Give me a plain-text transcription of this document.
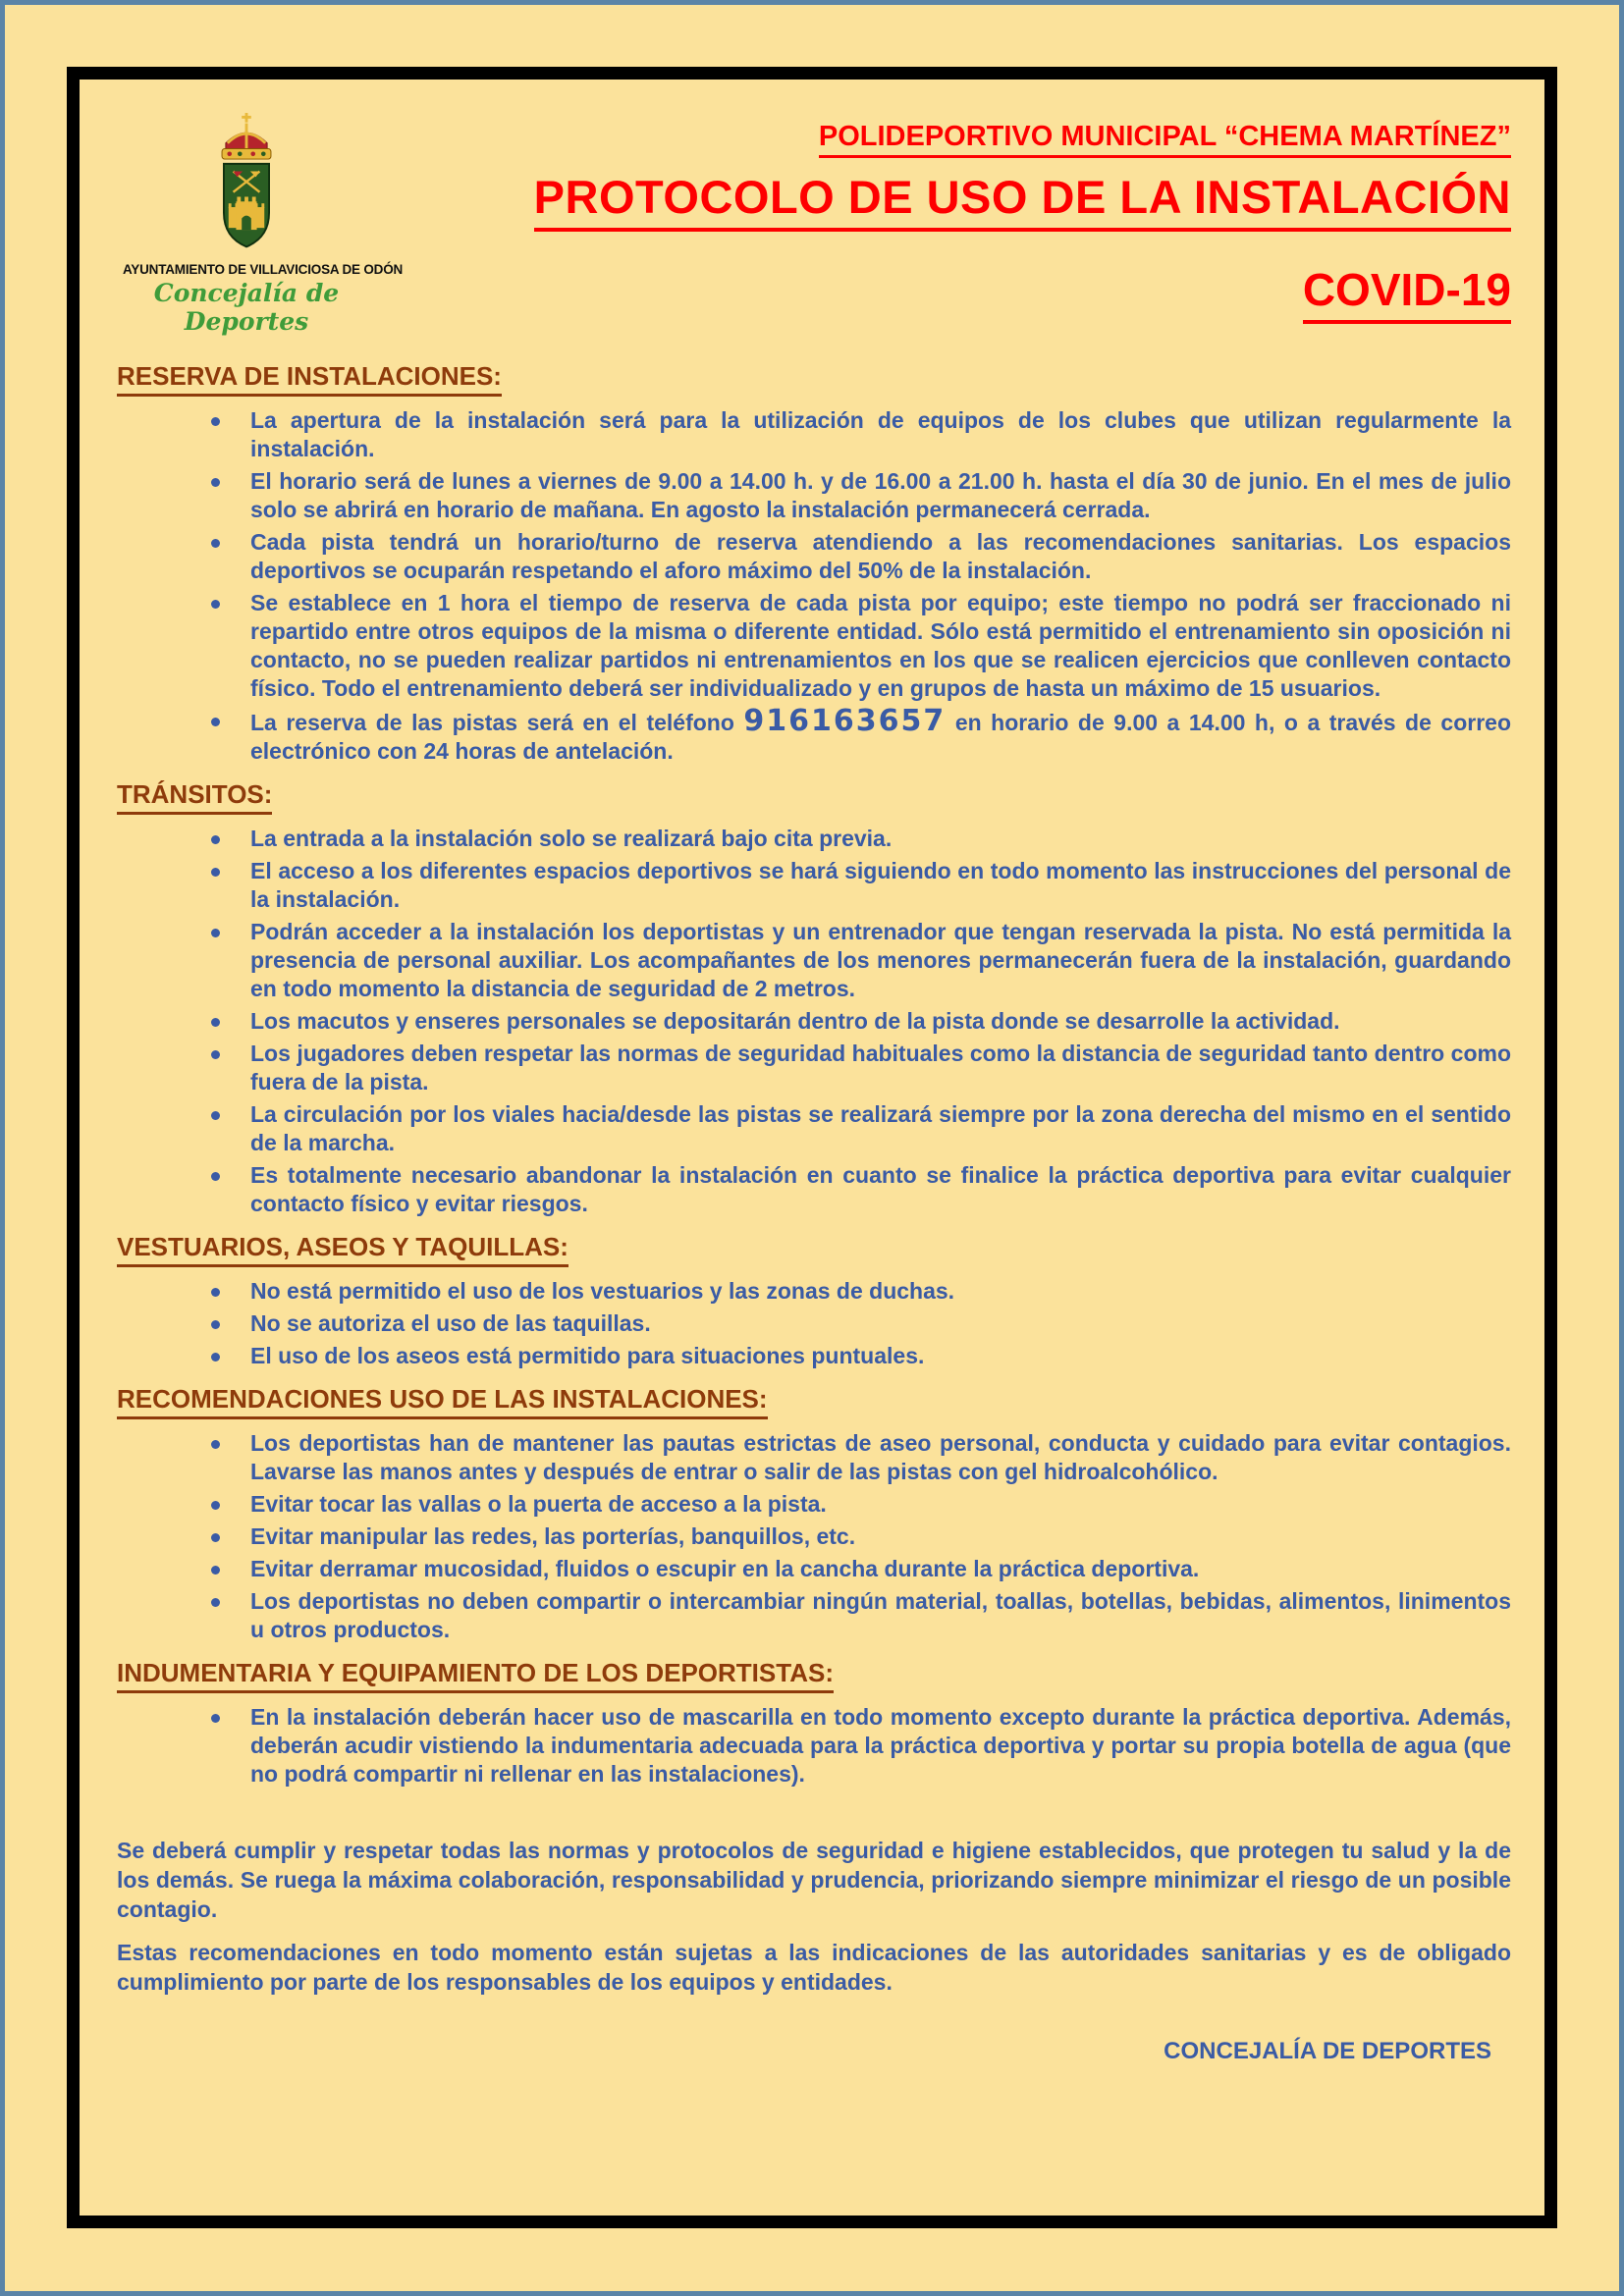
AYUNTAMIENTO DE VILLAVICIOSA DE ODÓN
Concejalía de Deportes
POLIDEPORTIVO MUNICIPAL “CHEMA MARTÍNEZ”
PROTOCOLO DE USO DE LA INSTALACIÓN
COVID-19
RESERVA DE INSTALACIONES:
La apertura de la instalación será para la utilización de equipos de los clubes que utilizan regularmente la instalación.
El horario será de lunes a viernes de 9.00 a 14.00 h. y de 16.00 a 21.00 h. hasta el día 30 de junio. En el mes de julio solo se abrirá en horario de mañana. En agosto la instalación permanecerá cerrada.
Cada pista tendrá un horario/turno de reserva atendiendo a las recomendaciones sanitarias. Los espacios deportivos se ocuparán respetando el aforo máximo del 50% de la instalación.
Se establece en 1 hora el tiempo de reserva de cada pista por equipo; este tiempo no podrá ser fraccionado ni repartido entre otros equipos de la misma o diferente entidad. Sólo está permitido el entrenamiento sin oposición ni contacto, no se pueden realizar partidos ni entrenamientos en los que se realicen ejercicios que conlleven contacto físico. Todo el entrenamiento deberá ser individualizado y en grupos de hasta un máximo de 15 usuarios.
La reserva de las pistas será en el teléfono 916163657 en horario de 9.00 a 14.00 h, o a través de correo electrónico con 24 horas de antelación.
TRÁNSITOS:
La entrada a la instalación solo se realizará bajo cita previa.
El acceso a los diferentes espacios deportivos se hará siguiendo en todo momento las instrucciones del personal de la instalación.
Podrán acceder a la instalación los deportistas y un entrenador que tengan reservada la pista. No está permitida la presencia de personal auxiliar. Los acompañantes de los menores permanecerán fuera de la instalación, guardando en todo momento la distancia de seguridad de 2 metros.
Los macutos y enseres personales se depositarán dentro de la pista donde se desarrolle la actividad.
Los jugadores deben respetar las normas de seguridad habituales como la distancia de seguridad tanto dentro como fuera de la pista.
La circulación por los viales hacia/desde las pistas se realizará siempre por la zona derecha del mismo en el sentido de la marcha.
Es totalmente necesario abandonar la instalación en cuanto se finalice la práctica deportiva para evitar cualquier contacto físico y evitar riesgos.
VESTUARIOS, ASEOS Y TAQUILLAS:
No está permitido el uso de los vestuarios y las zonas de duchas.
No se autoriza el uso de las taquillas.
El uso de los aseos está permitido para situaciones puntuales.
RECOMENDACIONES USO DE LAS INSTALACIONES:
Los deportistas han de mantener las pautas estrictas de aseo personal, conducta y cuidado para evitar contagios. Lavarse las manos antes y después de entrar o salir de las pistas con gel hidroalcohólico.
Evitar tocar las vallas o la puerta de acceso a la pista.
Evitar manipular las redes, las porterías, banquillos, etc.
Evitar derramar mucosidad, fluidos o escupir en la cancha durante la práctica deportiva.
Los deportistas no deben compartir o intercambiar ningún material, toallas, botellas, bebidas, alimentos, linimentos u otros productos.
INDUMENTARIA Y EQUIPAMIENTO DE LOS DEPORTISTAS:
En la instalación deberán hacer uso de mascarilla en todo momento excepto durante la práctica deportiva. Además, deberán acudir vistiendo la indumentaria adecuada para la práctica deportiva y portar su propia botella de agua (que no podrá compartir ni rellenar en las instalaciones).

Se deberá cumplir y respetar todas las normas y protocolos de seguridad e higiene establecidos, que protegen tu salud y la de los demás. Se ruega la máxima colaboración, responsabilidad y prudencia, priorizando siempre minimizar el riesgo de un posible contagio.

Estas recomendaciones en todo momento están sujetas a las indicaciones de las autoridades sanitarias y es de obligado cumplimiento por parte de los responsables de los equipos y entidades.

CONCEJALÍA DE DEPORTES
